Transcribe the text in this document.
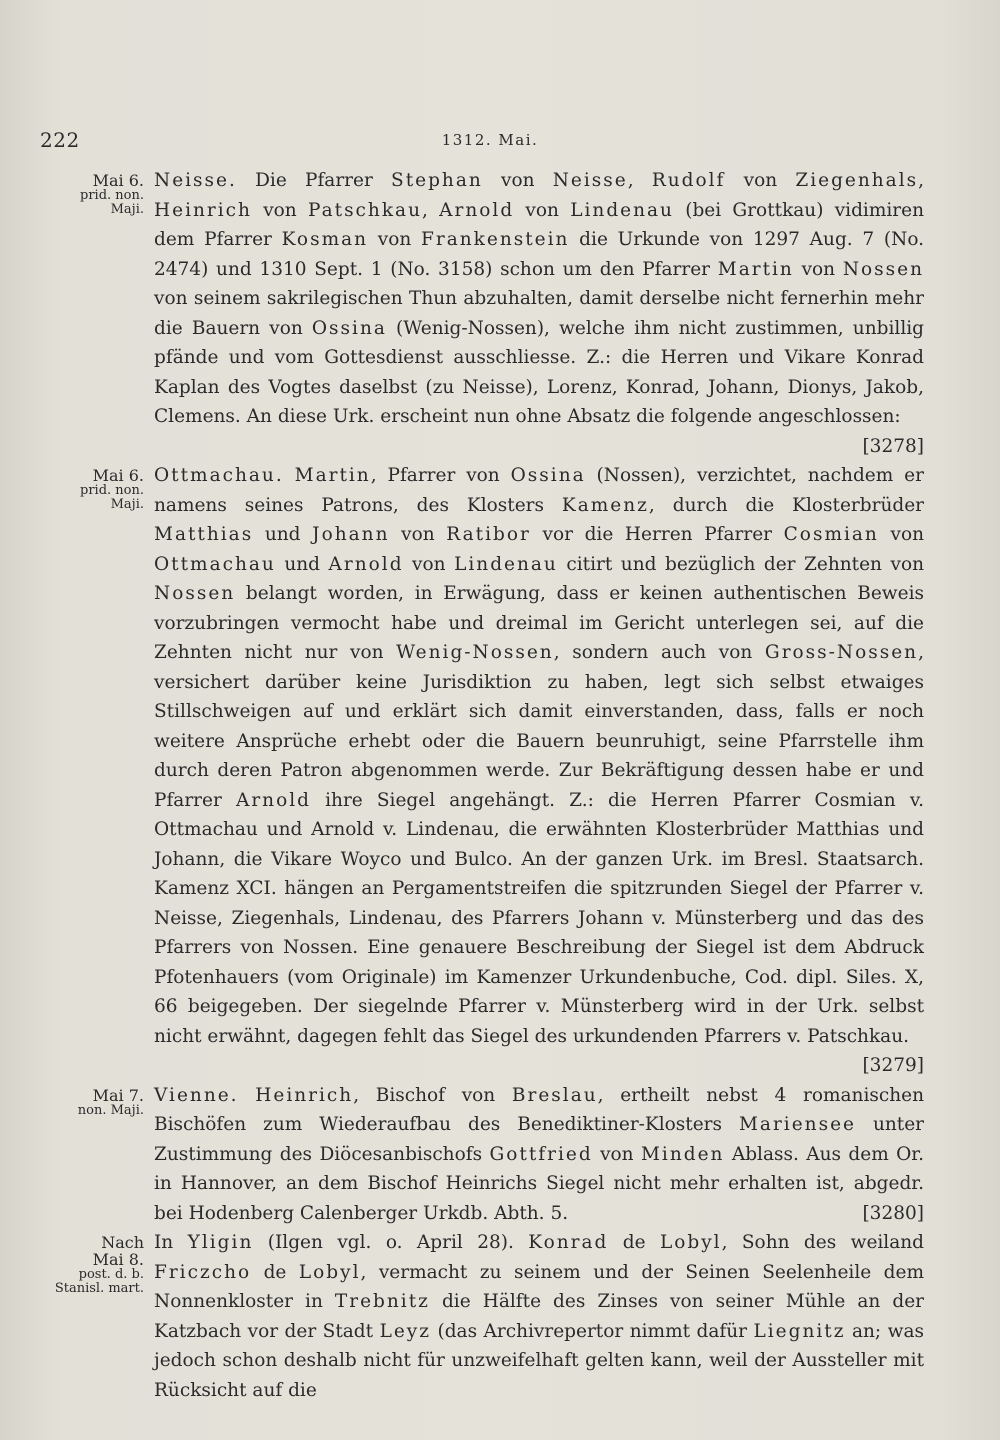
222	1312. Mai.
Mai 6.
prid. non.
Maji.
Neisse. Die Pfarrer Stephan von Neisse, Rudolf von Ziegenhals, Heinrich von Patschkau, Arnold von Lindenau (bei Grottkau) vidimiren dem Pfarrer Kosman von Frankenstein die Urkunde von 1297 Aug. 7 (No. 2474) und 1310 Sept. 1 (No. 3158) schon um den Pfarrer Martin von Nossen von seinem sakrilegischen Thun abzuhalten, damit derselbe nicht fernerhin mehr die Bauern von Ossina (Wenig-Nossen), welche ihm nicht zustimmen, unbillig pfände und vom Gottesdienst ausschliesse. Z.: die Herren und Vikare Konrad Kaplan des Vogtes daselbst (zu Neisse), Lorenz, Konrad, Johann, Dionys, Jakob, Clemens. An diese Urk. erscheint nun ohne Absatz die folgende angeschlossen:
[3278]
Mai 6.
prid. non.
Maji.
Ottmachau. Martin, Pfarrer von Ossina (Nossen), verzichtet, nachdem er namens seines Patrons, des Klosters Kamenz, durch die Klosterbrüder Matthias und Johann von Ratibor vor die Herren Pfarrer Cosmian von Ottmachau und Arnold von Lindenau citirt und bezüglich der Zehnten von Nossen belangt worden, in Erwägung, dass er keinen authentischen Beweis vorzubringen vermocht habe und dreimal im Gericht unterlegen sei, auf die Zehnten nicht nur von Wenig-Nossen, sondern auch von Gross-Nossen, versichert darüber keine Jurisdiktion zu haben, legt sich selbst etwaiges Stillschweigen auf und erklärt sich damit einverstanden, dass, falls er noch weitere Ansprüche erhebt oder die Bauern beunruhigt, seine Pfarrstelle ihm durch deren Patron abgenommen werde. Zur Bekräftigung dessen habe er und Pfarrer Arnold ihre Siegel angehängt. Z.: die Herren Pfarrer Cosmian v. Ottmachau und Arnold v. Lindenau, die erwähnten Klosterbrüder Matthias und Johann, die Vikare Woyco und Bulco. An der ganzen Urk. im Bresl. Staatsarch. Kamenz XCI. hängen an Pergamentstreifen die spitzrunden Siegel der Pfarrer v. Neisse, Ziegenhals, Lindenau, des Pfarrers Johann v. Münsterberg und das des Pfarrers von Nossen. Eine genauere Beschreibung der Siegel ist dem Abdruck Pfotenhauers (vom Originale) im Kamenzer Urkundenbuche, Cod. dipl. Siles. X, 66 beigegeben. Der siegelnde Pfarrer v. Münsterberg wird in der Urk. selbst nicht erwähnt, dagegen fehlt das Siegel des urkundenden Pfarrers v. Patschkau.
[3279]
Mai 7.
non. Maji.
Vienne. Heinrich, Bischof von Breslau, ertheilt nebst 4 romanischen Bischöfen zum Wiederaufbau des Benediktiner-Klosters Mariensee unter Zustimmung des Diöcesanbischofs Gottfried von Minden Ablass. Aus dem Or. in Hannover, an dem Bischof Heinrichs Siegel nicht mehr erhalten ist, abgedr. bei Hodenberg Calenberger Urkdb. Abth. 5.	[3280]
Nach
Mai 8.
post. d. b.
Stanisl. mart.
In Yligin (Ilgen vgl. o. April 28). Konrad de Lobyl, Sohn des weiland Friczcho de Lobyl, vermacht zu seinem und der Seinen Seelenheile dem Nonnenkloster in Trebnitz die Hälfte des Zinses von seiner Mühle an der Katzbach vor der Stadt Leyz (das Archivrepertor nimmt dafür Liegnitz an; was jedoch schon deshalb nicht für unzweifelhaft gelten kann, weil der Aussteller mit Rücksicht auf die
